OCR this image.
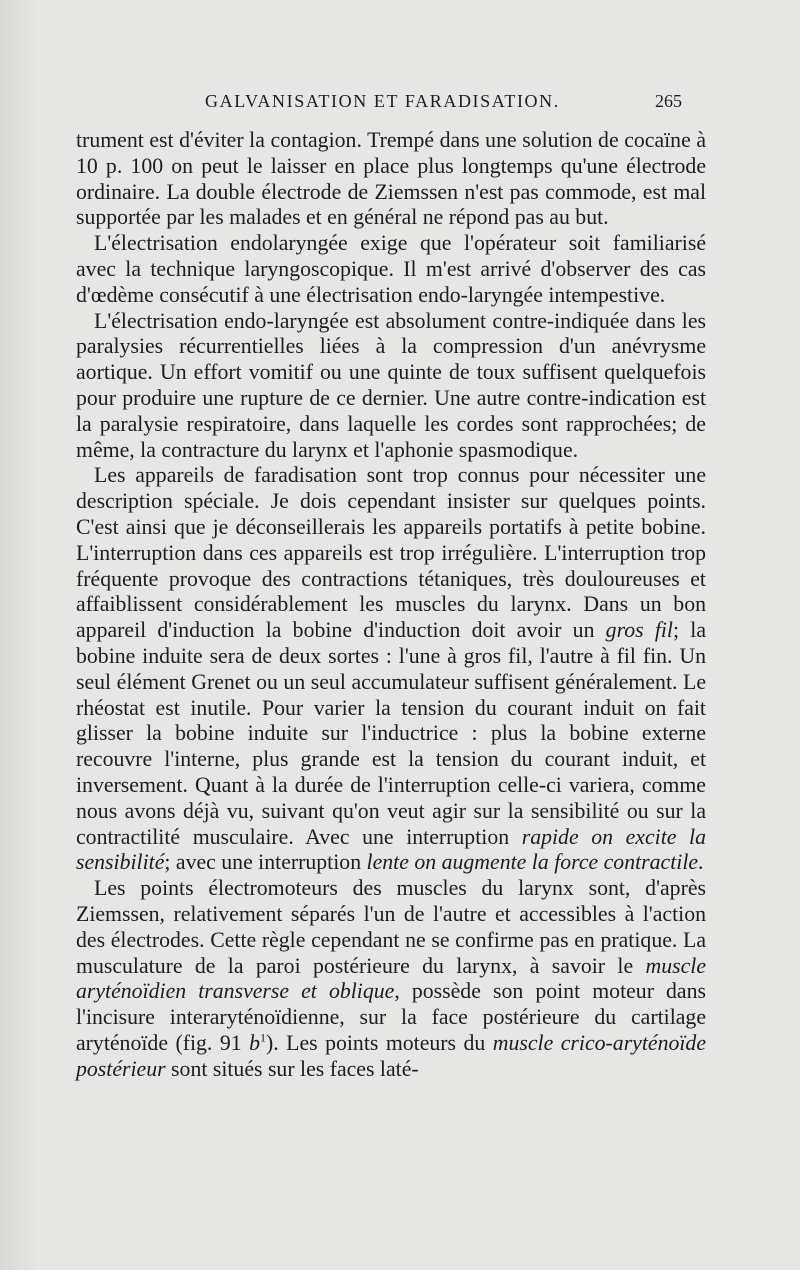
GALVANISATION ET FARADISATION.	265

trument est d'éviter la contagion. Trempé dans une solution de cocaïne à 10 p. 100 on peut le laisser en place plus longtemps qu'une électrode ordinaire. La double électrode de Ziemssen n'est pas commode, est mal supportée par les malades et en général ne répond pas au but.

L'électrisation endolaryngée exige que l'opérateur soit familiarisé avec la technique laryngoscopique. Il m'est arrivé d'observer des cas d'œdème consécutif à une électrisation endo-laryngée intempestive.

L'électrisation endo-laryngée est absolument contre-indiquée dans les paralysies récurrentielles liées à la compression d'un anévrysme aortique. Un effort vomitif ou une quinte de toux suffisent quelquefois pour produire une rupture de ce dernier. Une autre contre-indication est la paralysie respiratoire, dans laquelle les cordes sont rapprochées; de même, la contracture du larynx et l'aphonie spasmodique.

Les appareils de faradisation sont trop connus pour nécessiter une description spéciale. Je dois cependant insister sur quelques points. C'est ainsi que je déconseillerais les appareils portatifs à petite bobine. L'interruption dans ces appareils est trop irrégulière. L'interruption trop fréquente provoque des contractions tétaniques, très douloureuses et affaiblissent considérablement les muscles du larynx. Dans un bon appareil d'induction la bobine d'induction doit avoir un gros fil; la bobine induite sera de deux sortes : l'une à gros fil, l'autre à fil fin. Un seul élément Grenet ou un seul accumulateur suffisent généralement. Le rhéostat est inutile. Pour varier la tension du courant induit on fait glisser la bobine induite sur l'inductrice : plus la bobine externe recouvre l'interne, plus grande est la tension du courant induit, et inversement. Quant à la durée de l'interruption celle-ci variera, comme nous avons déjà vu, suivant qu'on veut agir sur la sensibilité ou sur la contractilité musculaire. Avec une interruption rapide on excite la sensibilité; avec une interruption lente on augmente la force contractile.

Les points électromoteurs des muscles du larynx sont, d'après Ziemssen, relativement séparés l'un de l'autre et accessibles à l'action des électrodes. Cette règle cependant ne se confirme pas en pratique. La musculature de la paroi postérieure du larynx, à savoir le muscle aryténoïdien transverse et oblique, possède son point moteur dans l'incisure interaryténoïdienne, sur la face postérieure du cartilage aryténoïde (fig. 91 $b^1$). Les points moteurs du muscle crico-aryténoïde postérieur sont situés sur les faces laté-
